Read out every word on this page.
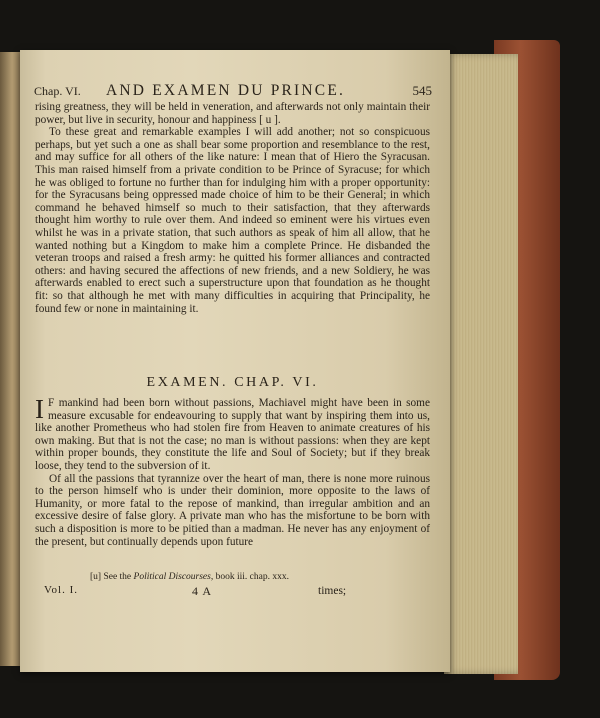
Chap. VI. AND EXAMEN DU PRINCE.	545

rising greatness, they will be held in veneration, and afterwards not only maintain their power, but live in security, honour and happiness [ u ].

To these great and remarkable examples I will add another; not so conspicuous perhaps, but yet such a one as shall bear some proportion and resemblance to the rest, and may suffice for all others of the like nature: I mean that of Hiero the Syracusan. This man raised himself from a private condition to be Prince of Syracuse; for which he was obliged to fortune no further than for indulging him with a proper opportunity: for the Syracusans being oppressed made choice of him to be their General; in which command he behaved himself so much to their satisfaction, that they afterwards thought him worthy to rule over them. And indeed so eminent were his virtues even whilst he was in a private station, that such authors as speak of him all allow, that he wanted nothing but a Kingdom to make him a complete Prince. He disbanded the veteran troops and raised a fresh army: he quitted his former alliances and contracted others: and having secured the affections of new friends, and a new Soldiery, he was afterwards enabled to erect such a superstructure upon that foundation as he thought fit: so that although he met with many difficulties in acquiring that Principality, he found few or none in maintaining it.

EXAMEN. CHAP. VI.

I F mankind had been born without passions, Machiavel might have been in some measure excusable for endeavouring to supply that want by inspiring them into us, like another Prometheus who had stolen fire from Heaven to animate creatures of his own making. But that is not the case; no man is without passions: when they are kept within proper bounds, they constitute the life and Soul of Society; but if they break loose, they tend to the subversion of it.

Of all the passions that tyrannize over the heart of man, there is none more ruinous to the person himself who is under their dominion, more opposite to the laws of Humanity, or more fatal to the repose of mankind, than irregular ambition and an excessive desire of false glory. A private man who has the misfortune to be born with such a disposition is more to be pitied than a madman. He never has any enjoyment of the present, but continually depends upon future

[u] See the Political Discourses, book iii. chap. xxx.
Vol. I.	4 A	times;
